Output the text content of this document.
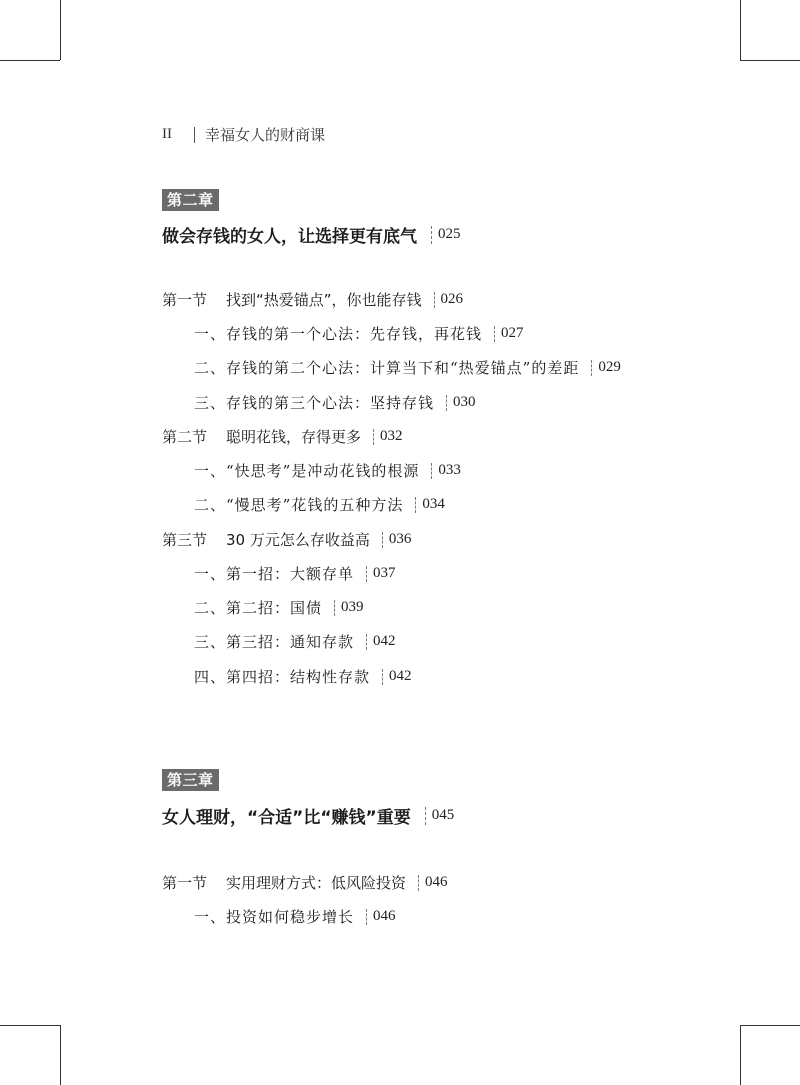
II 幸福女人的财商课
第二章
做会存钱的女人，让选择更有底气 025
第一节	找到“热爱锚点”，你也能存钱 026
一、存钱的第一个心法：先存钱，再花钱 027
二、存钱的第二个心法：计算当下和“热爱锚点”的差距 029
三、存钱的第三个心法：坚持存钱 030
第二节	聪明花钱，存得更多 032
一、“快思考”是冲动花钱的根源 033
二、“慢思考”花钱的五种方法 034
第三节	30 万元怎么存收益高 036
一、第一招：大额存单 037
二、第二招：国债 039
三、第三招：通知存款 042
四、第四招：结构性存款 042
第三章
女人理财，“合适”比“赚钱”重要 045
第一节	实用理财方式：低风险投资 046
一、投资如何稳步增长 046
